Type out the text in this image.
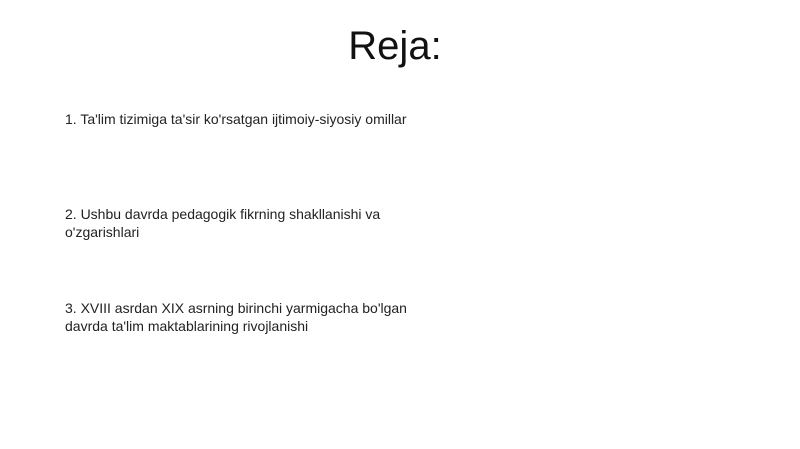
Reja:
1. Ta'lim tizimiga ta'sir ko'rsatgan ijtimoiy-siyosiy omillar
2. Ushbu davrda pedagogik fikrning shakllanishi va o'zgarishlari
3. XVIII asrdan XIX asrning birinchi yarmigacha bo'lgan davrda ta'lim maktablarining rivojlanishi
